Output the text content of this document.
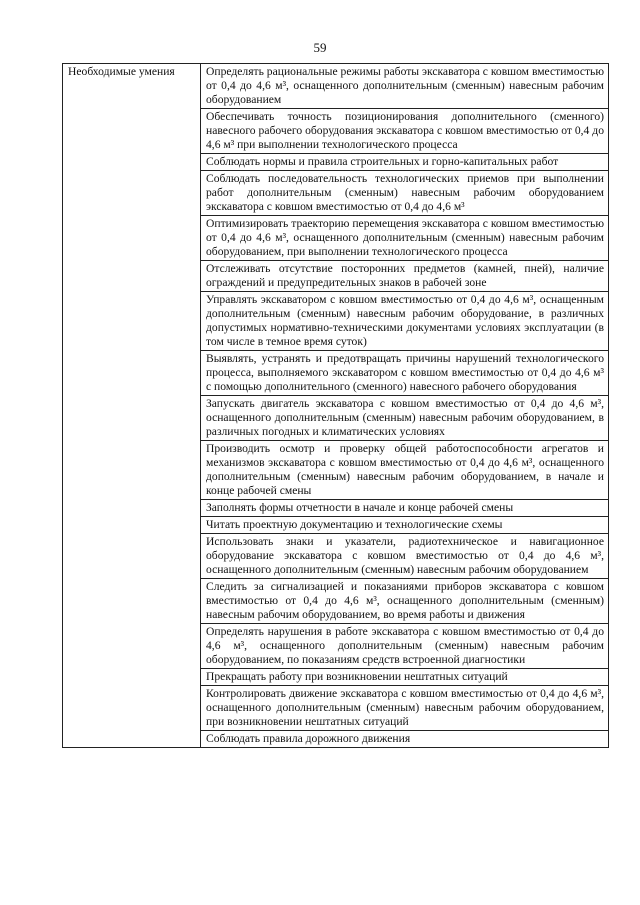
59
Необходимые умения	Определять рациональные режимы работы экскаватора с ковшом вместимостью от 0,4 до 4,6 м³, оснащенного дополнительным (сменным) навесным рабочим оборудованием
Обеспечивать точность позиционирования дополнительного (сменного) навесного рабочего оборудования экскаватора с ковшом вместимостью от 0,4 до 4,6 м³ при выполнении технологического процесса
Соблюдать нормы и правила строительных и горно-капитальных работ
Соблюдать последовательность технологических приемов при выполнении работ дополнительным (сменным) навесным рабочим оборудованием экскаватора с ковшом вместимостью от 0,4 до 4,6 м³
Оптимизировать траекторию перемещения экскаватора с ковшом вместимостью от 0,4 до 4,6 м³, оснащенного дополнительным (сменным) навесным рабочим оборудованием, при выполнении технологического процесса
Отслеживать отсутствие посторонних предметов (камней, пней), наличие ограждений и предупредительных знаков в рабочей зоне
Управлять экскаватором с ковшом вместимостью от 0,4 до 4,6 м³, оснащенным дополнительным (сменным) навесным рабочим оборудование, в различных допустимых нормативно-техническими документами условиях эксплуатации (в том числе в темное время суток)
Выявлять, устранять и предотвращать причины нарушений технологического процесса, выполняемого экскаватором с ковшом вместимостью от 0,4 до 4,6 м³ с помощью дополнительного (сменного) навесного рабочего оборудования
Запускать двигатель экскаватора с ковшом вместимостью от 0,4 до 4,6 м³, оснащенного дополнительным (сменным) навесным рабочим оборудованием, в различных погодных и климатических условиях
Производить осмотр и проверку общей работоспособности агрегатов и механизмов экскаватора с ковшом вместимостью от 0,4 до 4,6 м³, оснащенного дополнительным (сменным) навесным рабочим оборудованием, в начале и конце рабочей смены
Заполнять формы отчетности в начале и конце рабочей смены
Читать проектную документацию и технологические схемы
Использовать знаки и указатели, радиотехническое и навигационное оборудование экскаватора с ковшом вместимостью от 0,4 до 4,6 м³, оснащенного дополнительным (сменным) навесным рабочим оборудованием
Следить за сигнализацией и показаниями приборов экскаватора с ковшом вместимостью от 0,4 до 4,6 м³, оснащенного дополнительным (сменным) навесным рабочим оборудованием, во время работы и движения
Определять нарушения в работе экскаватора с ковшом вместимостью от 0,4 до 4,6 м³, оснащенного дополнительным (сменным) навесным рабочим оборудованием, по показаниям средств встроенной диагностики
Прекращать работу при возникновении нештатных ситуаций
Контролировать движение экскаватора с ковшом вместимостью от 0,4 до 4,6 м³, оснащенного дополнительным (сменным) навесным рабочим оборудованием, при возникновении нештатных ситуаций
Соблюдать правила дорожного движения
